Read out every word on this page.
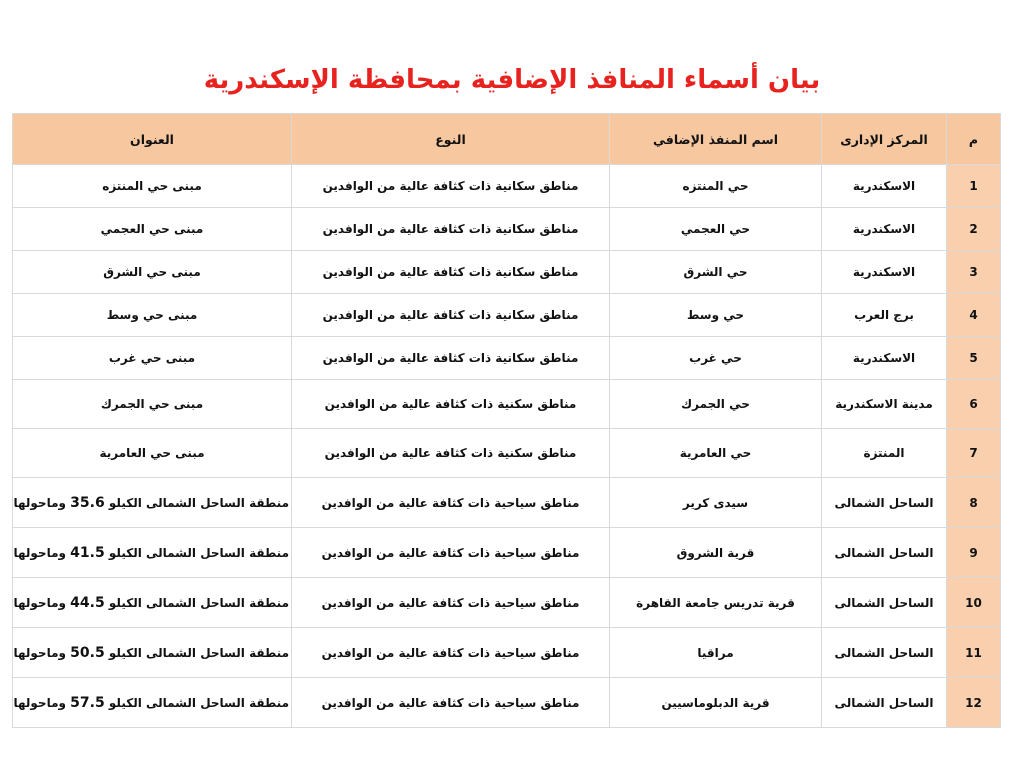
بيان أسماء المنافذ الإضافية بمحافظة الإسكندرية
م	المركز الإدارى	اسم المنفذ الإضافي	النوع	العنوان
1	الاسكندرية	حي المنتزه	مناطق سكانية ذات كثافة عالية من الوافدين	مبنى حي المنتزه
2	الاسكندرية	حي العجمي	مناطق سكانية ذات كثافة عالية من الوافدين	مبنى حي العجمي
3	الاسكندرية	حي الشرق	مناطق سكانية ذات كثافة عالية من الوافدين	مبنى حي الشرق
4	برج العرب	حي وسط	مناطق سكانية ذات كثافة عالية من الوافدين	مبنى حي وسط
5	الاسكندرية	حي غرب	مناطق سكانية ذات كثافة عالية من الوافدين	مبنى حي غرب
6	مدينة الاسكندرية	حي الجمرك	مناطق سكنية ذات كثافة عالية من الوافدين	مبنى حي الجمرك
7	المنتزة	حي العامرية	مناطق سكنية ذات كثافة عالية من الوافدين	مبنى حي العامرية
8	الساحل الشمالى	سيدى كرير	مناطق سياحية ذات كثافة عالية من الوافدين	منطقة الساحل الشمالى الكيلو 35.6 وماحولها
9	الساحل الشمالى	قرية الشروق	مناطق سياحية ذات كثافة عالية من الوافدين	منطقة الساحل الشمالى الكيلو 41.5 وماحولها
10	الساحل الشمالى	قرية تدريس جامعة القاهرة	مناطق سياحية ذات كثافة عالية من الوافدين	منطقة الساحل الشمالى الكيلو 44.5 وماحولها
11	الساحل الشمالى	مراقيا	مناطق سياحية ذات كثافة عالية من الوافدين	منطقة الساحل الشمالى الكيلو 50.5 وماحولها
12	الساحل الشمالى	قرية الدبلوماسيين	مناطق سياحية ذات كثافة عالية من الوافدين	منطقة الساحل الشمالى الكيلو 57.5 وماحولها
